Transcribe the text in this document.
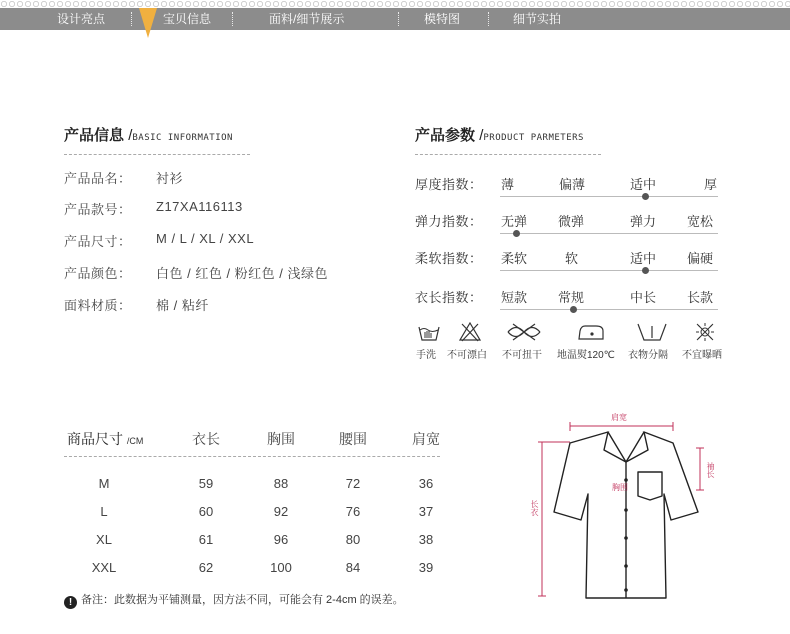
设计亮点	宝贝信息	面料/细节展示	模特图	细节实拍
产品信息 /BASIC INFORMATION
产品品名： 衬衫
产品款号： Z17XA116113
产品尺寸： M / L / XL / XXL
产品颜色： 白色 / 红色 / 粉红色 / 浅绿色
面料材质： 棉 / 粘纤
产品参数 /PRODUCT PARMETERS
厚度指数： 薄	偏薄	适中	厚
弹力指数： 无弹 微弹	弹力 宽松
柔软指数： 柔软	软	适中 偏硬
衣长指数： 短款 常规	中长 长款
手洗 不可漂白 不可扭干 地温熨120℃ 衣物分隔 不宜曝晒
商品尺寸 /CM	衣长	胸围	腰围	肩宽
M	59	88	72	36
L	60	92	76	37
XL	61	96	80	38
XXL	62	100	84	39
! 备注：此数据为平铺测量，因方法不同，可能会有 2-4cm 的误差。
肩宽
胸围
袖长
长衣
